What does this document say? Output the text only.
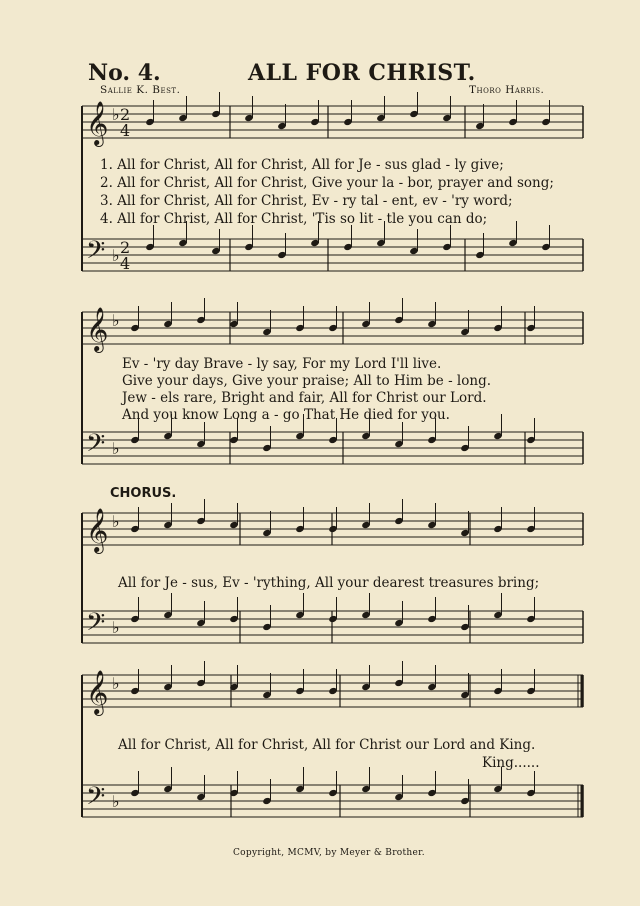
No. 4.	ALL FOR CHRIST.
Sallie K. Best.	Thoro Harris.
𝄞
𝄢
♭
♭
2
4
2
4
𝄞
𝄢
♭
♭
𝄞
𝄢
♭
♭
𝄞
𝄢
♭
♭
1. All for Christ, All for Christ, All for Je - sus glad - ly give;
2. All for Christ, All for Christ, Give your la - bor, prayer and song;
3. All for Christ, All for Christ, Ev - ry tal - ent, ev - 'ry word;
4. All for Christ, All for Christ, 'Tis so lit - tle you can do;
Ev - 'ry day Brave - ly say, For my Lord I'll live.
Give your days, Give your praise; All to Him be - long.
Jew - els rare, Bright and fair, All for Christ our Lord.
And you know Long a - go That He died for you.
CHORUS.
All for Je - sus, Ev - 'rything, All your dearest treasures bring;
All for Christ, All for Christ, All for Christ our Lord and King.
King......
Copyright, MCMV, by Meyer & Brother.
